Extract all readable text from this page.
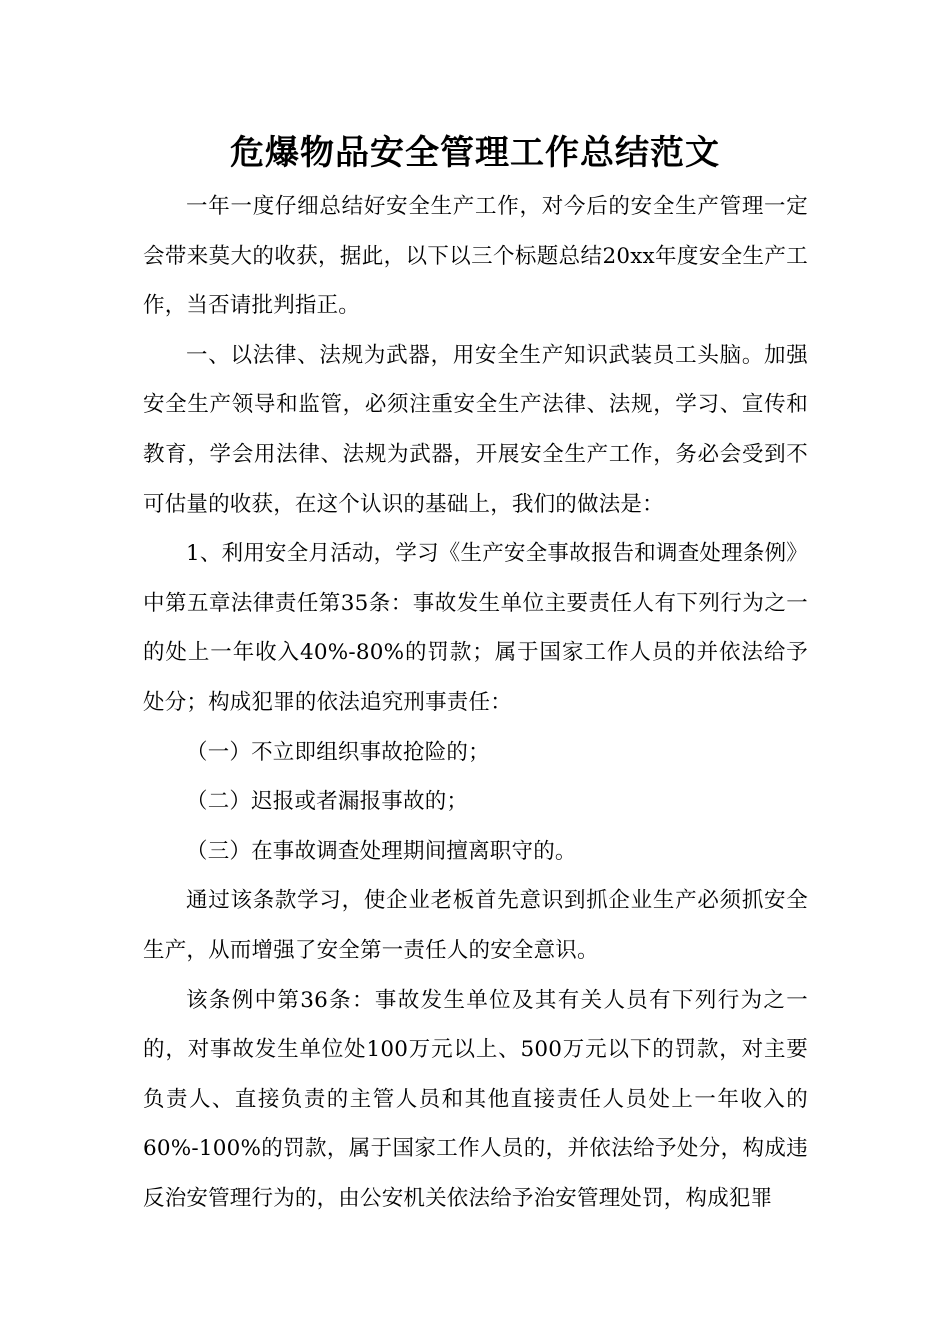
危爆物品安全管理工作总结范文

一年一度仔细总结好安全生产工作，对今后的安全生产管理一定会带来莫大的收获，据此，以下以三个标题总结20xx年度安全生产工作，当否请批判指正。

一、以法律、法规为武器，用安全生产知识武装员工头脑。加强安全生产领导和监管，必须注重安全生产法律、法规，学习、宣传和教育，学会用法律、法规为武器，开展安全生产工作，务必会受到不可估量的收获，在这个认识的基础上，我们的做法是：

1、利用安全月活动，学习《生产安全事故报告和调查处理条例》中第五章法律责任第35条：事故发生单位主要责任人有下列行为之一的处上一年收入40%-80%的罚款；属于国家工作人员的并依法给予处分；构成犯罪的依法追究刑事责任：

（一）不立即组织事故抢险的；

（二）迟报或者漏报事故的；

（三）在事故调查处理期间擅离职守的。

通过该条款学习，使企业老板首先意识到抓企业生产必须抓安全生产，从而增强了安全第一责任人的安全意识。

该条例中第36条：事故发生单位及其有关人员有下列行为之一的，对事故发生单位处100万元以上、500万元以下的罚款，对主要负责人、直接负责的主管人员和其他直接责任人员处上一年收入的60%-100%的罚款，属于国家工作人员的，并依法给予处分，构成违反治安管理行为的，由公安机关依法给予治安管理处罚，构成犯罪
